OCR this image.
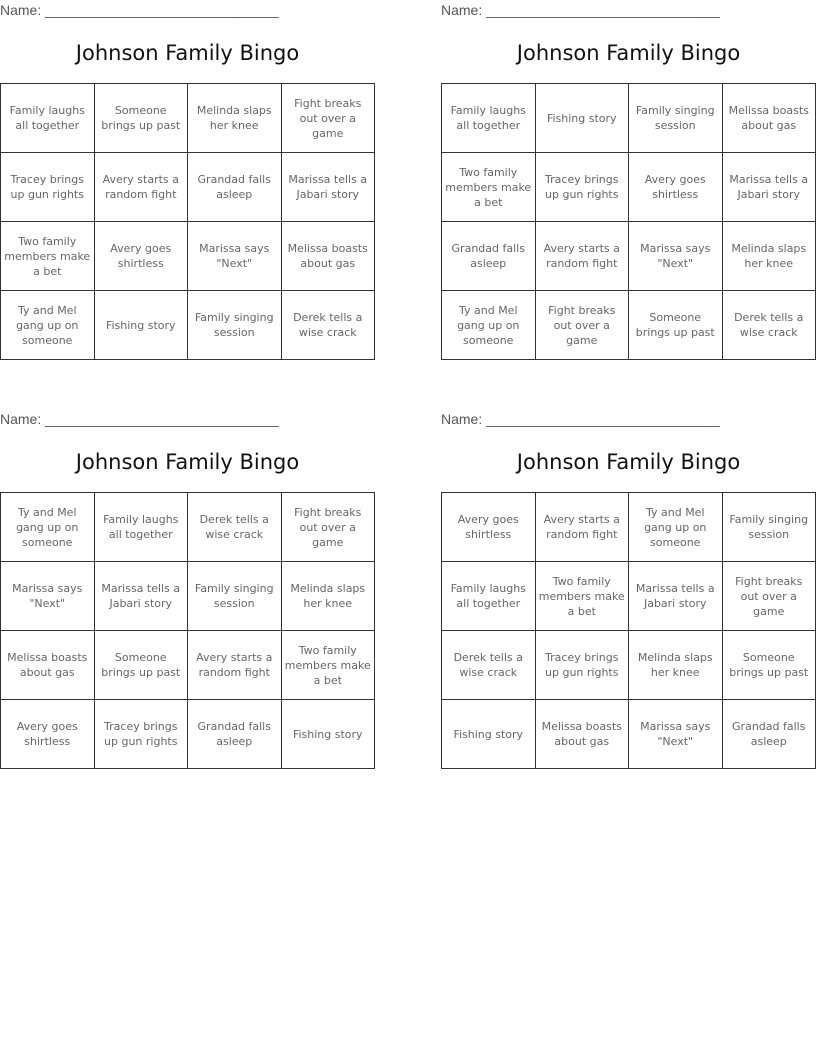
Name: ______________________________
Johnson Family Bingo
Family laughs all together	Someone brings up past	Melinda slaps her knee	Fight breaks out over a game
Tracey brings up gun rights	Avery starts a random fight	Grandad falls asleep	Marissa tells a Jabari story
Two family members make a bet	Avery goes shirtless	Marissa says "Next"	Melissa boasts about gas
Ty and Mel gang up on someone	Fishing story	Family singing session	Derek tells a wise crack
Name: ______________________________
Johnson Family Bingo
Family laughs all together	Fishing story	Family singing session	Melissa boasts about gas
Two family members make a bet	Tracey brings up gun rights	Avery goes shirtless	Marissa tells a Jabari story
Grandad falls asleep	Avery starts a random fight	Marissa says "Next"	Melinda slaps her knee
Ty and Mel gang up on someone	Fight breaks out over a game	Someone brings up past	Derek tells a wise crack
Name: ______________________________
Johnson Family Bingo
Ty and Mel gang up on someone	Family laughs all together	Derek tells a wise crack	Fight breaks out over a game
Marissa says "Next"	Marissa tells a Jabari story	Family singing session	Melinda slaps her knee
Melissa boasts about gas	Someone brings up past	Avery starts a random fight	Two family members make a bet
Avery goes shirtless	Tracey brings up gun rights	Grandad falls asleep	Fishing story
Name: ______________________________
Johnson Family Bingo
Avery goes shirtless	Avery starts a random fight	Ty and Mel gang up on someone	Family singing session
Family laughs all together	Two family members make a bet	Marissa tells a Jabari story	Fight breaks out over a game
Derek tells a wise crack	Tracey brings up gun rights	Melinda slaps her knee	Someone brings up past
Fishing story	Melissa boasts about gas	Marissa says "Next"	Grandad falls asleep
